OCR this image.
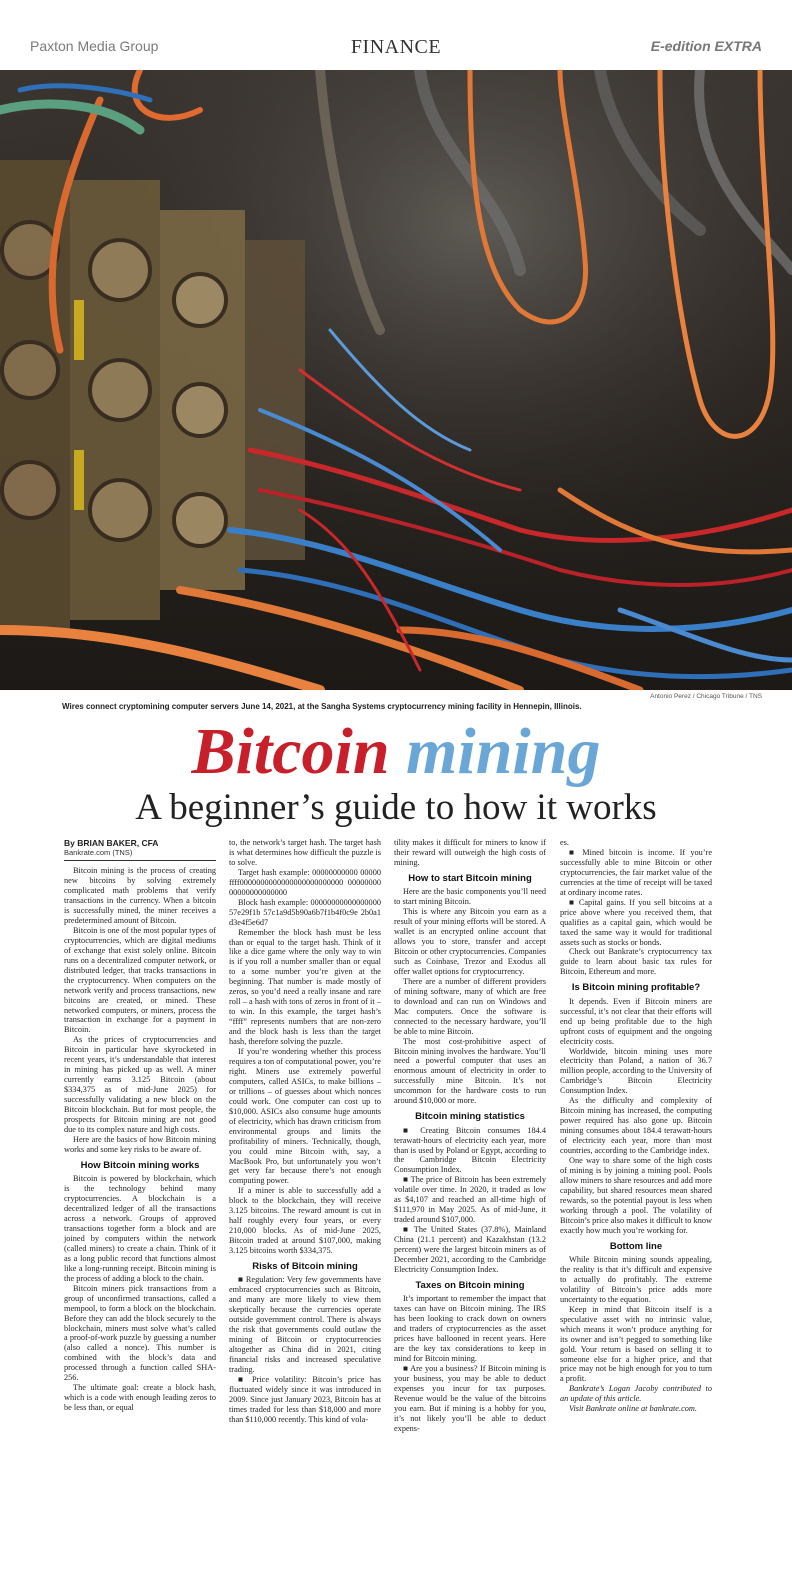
Paxton Media Group	FINANCE	E-edition EXTRA
Antonio Perez / Chicago Tribune / TNS
Wires connect cryptomining computer servers June 14, 2021, at the Sangha Systems cryptocurrency mining facility in Hennepin, Illinois.
Bitcoin mining
A beginner’s guide to how it works
By BRIAN BAKER, CFA
Bankrate.com (TNS)

Bitcoin mining is the process of creating new bitcoins by solving extremely complicated math problems that verify transactions in the currency. When a bitcoin is successfully mined, the miner receives a predetermined amount of Bitcoin.

Bitcoin is one of the most popular types of cryptocurrencies, which are digital mediums of exchange that exist solely online. Bitcoin runs on a decentralized computer network, or distributed ledger, that tracks transactions in the cryptocurrency. When computers on the network verify and process transactions, new bitcoins are created, or mined. These networked computers, or miners, process the transaction in exchange for a payment in Bitcoin.

As the prices of cryptocurrencies and Bitcoin in particular have skyrocketed in recent years, it’s understandable that interest in mining has picked up as well. A miner currently earns 3.125 Bitcoin (about $334,375 as of mid-June 2025) for successfully validating a new block on the Bitcoin blockchain. But for most people, the prospects for Bitcoin mining are not good due to its complex nature and high costs.

Here are the basics of how Bitcoin mining works and some key risks to be aware of.

How Bitcoin mining works

Bitcoin is powered by blockchain, which is the technology behind many cryptocurrencies. A blockchain is a decentralized ledger of all the transactions across a network. Groups of approved transactions together form a block and are joined by computers within the network (called miners) to create a chain. Think of it as a long public record that functions almost like a long-running receipt. Bitcoin mining is the process of adding a block to the chain.

Bitcoin miners pick transactions from a group of unconfirmed transactions, called a mempool, to form a block on the blockchain. Before they can add the block securely to the blockchain, miners must solve what’s called a proof-of-work puzzle by guessing a number (also called a nonce). This number is combined with the block’s data and processed through a function called SHA-256.

The ultimate goal: create a block hash, which is a code with enough leading zeros to be less than, or equal

to, the network’s target hash. The target hash is what determines how difficult the puzzle is to solve.

Target hash example: 00000000000 00000ffff0000000000000000000000000 0000000000000000000000

Block hash example: 0000000000000000057e29f1b 57c1a9d5b90a6b7f1b4f0c9e 2b0a1d3e4f5e6d7

Remember the block hash must be less than or equal to the target hash. Think of it like a dice game where the only way to win is if you roll a number smaller than or equal to a some number you’re given at the beginning. That number is made mostly of zeros, so you’d need a really insane and rare roll – a hash with tons of zeros in front of it – to win. In this example, the target hash’s “ffff” represents numbers that are non-zero and the block hash is less than the target hash, therefore solving the puzzle.

If you’re wondering whether this process requires a ton of computational power, you’re right. Miners use extremely powerful computers, called ASICs, to make billions – or trillions – of guesses about which nonces could work. One computer can cost up to $10,000. ASICs also consume huge amounts of electricity, which has drawn criticism from environmental groups and limits the profitability of miners. Technically, though, you could mine Bitcoin with, say, a MacBook Pro, but unfortunately you won’t get very far because there’s not enough computing power.

If a miner is able to successfully add a block to the blockchain, they will receive 3.125 bitcoins. The reward amount is cut in half roughly every four years, or every 210,000 blocks. As of mid-June 2025, Bitcoin traded at around $107,000, making 3.125 bitcoins worth $334,375.

Risks of Bitcoin mining

■ Regulation: Very few governments have embraced cryptocurrencies such as Bitcoin, and many are more likely to view them skeptically because the currencies operate outside government control. There is always the risk that governments could outlaw the mining of Bitcoin or cryptocurrencies altogether as China did in 2021, citing financial risks and increased speculative trading.

■ Price volatility: Bitcoin’s price has fluctuated widely since it was introduced in 2009. Since just January 2023, Bitcoin has at times traded for less than $18,000 and more than $110,000 recently. This kind of vola-

tility makes it difficult for miners to know if their reward will outweigh the high costs of mining.

How to start Bitcoin mining

Here are the basic components you’ll need to start mining Bitcoin.

This is where any Bitcoin you earn as a result of your mining efforts will be stored. A wallet is an encrypted online account that allows you to store, transfer and accept Bitcoin or other cryptocurrencies. Companies such as Coinbase, Trezor and Exodus all offer wallet options for cryptocurrency.

There are a number of different providers of mining software, many of which are free to download and can run on Windows and Mac computers. Once the software is connected to the necessary hardware, you’ll be able to mine Bitcoin.

The most cost-prohibitive aspect of Bitcoin mining involves the hardware. You’ll need a powerful computer that uses an enormous amount of electricity in order to successfully mine Bitcoin. It’s not uncommon for the hardware costs to run around $10,000 or more.

Bitcoin mining statistics

■ Creating Bitcoin consumes 184.4 terawatt-hours of electricity each year, more than is used by Poland or Egypt, according to the Cambridge Bitcoin Electricity Consumption Index.

■ The price of Bitcoin has been extremely volatile over time. In 2020, it traded as low as $4,107 and reached an all-time high of $111,970 in May 2025. As of mid-June, it traded around $107,000.

■ The United States (37.8%), Mainland China (21.1 percent) and Kazakhstan (13.2 percent) were the largest bitcoin miners as of December 2021, according to the Cambridge Electricity Consumption Index.

Taxes on Bitcoin mining

It’s important to remember the impact that taxes can have on Bitcoin mining. The IRS has been looking to crack down on owners and traders of cryptocurrencies as the asset prices have ballooned in recent years. Here are the key tax considerations to keep in mind for Bitcoin mining.

■ Are you a business? If Bitcoin mining is your business, you may be able to deduct expenses you incur for tax purposes. Revenue would be the value of the bitcoins you earn. But if mining is a hobby for you, it’s not likely you’ll be able to deduct expens-

es.

■ Mined bitcoin is income. If you’re successfully able to mine Bitcoin or other cryptocurrencies, the fair market value of the currencies at the time of receipt will be taxed at ordinary income rates.

■ Capital gains. If you sell bitcoins at a price above where you received them, that qualifies as a capital gain, which would be taxed the same way it would for traditional assets such as stocks or bonds.

Check out Bankrate’s cryptocurrency tax guide to learn about basic tax rules for Bitcoin, Ethereum and more.

Is Bitcoin mining profitable?

It depends. Even if Bitcoin miners are successful, it’s not clear that their efforts will end up being profitable due to the high upfront costs of equipment and the ongoing electricity costs.

Worldwide, bitcoin mining uses more electricity than Poland, a nation of 36.7 million people, according to the University of Cambridge’s Bitcoin Electricity Consumption Index.

As the difficulty and complexity of Bitcoin mining has increased, the computing power required has also gone up. Bitcoin mining consumes about 184.4 terawatt-hours of electricity each year, more than most countries, according to the Cambridge index.

One way to share some of the high costs of mining is by joining a mining pool. Pools allow miners to share resources and add more capability, but shared resources mean shared rewards, so the potential payout is less when working through a pool. The volatility of Bitcoin’s price also makes it difficult to know exactly how much you’re working for.

Bottom line

While Bitcoin mining sounds appealing, the reality is that it’s difficult and expensive to actually do profitably. The extreme volatility of Bitcoin’s price adds more uncertainty to the equation.

Keep in mind that Bitcoin itself is a speculative asset with no intrinsic value, which means it won’t produce anything for its owner and isn’t pegged to something like gold. Your return is based on selling it to someone else for a higher price, and that price may not be high enough for you to turn a profit.

Bankrate’s Logan Jacoby contributed to an update of this article.

Visit Bankrate online at bankrate.com.
